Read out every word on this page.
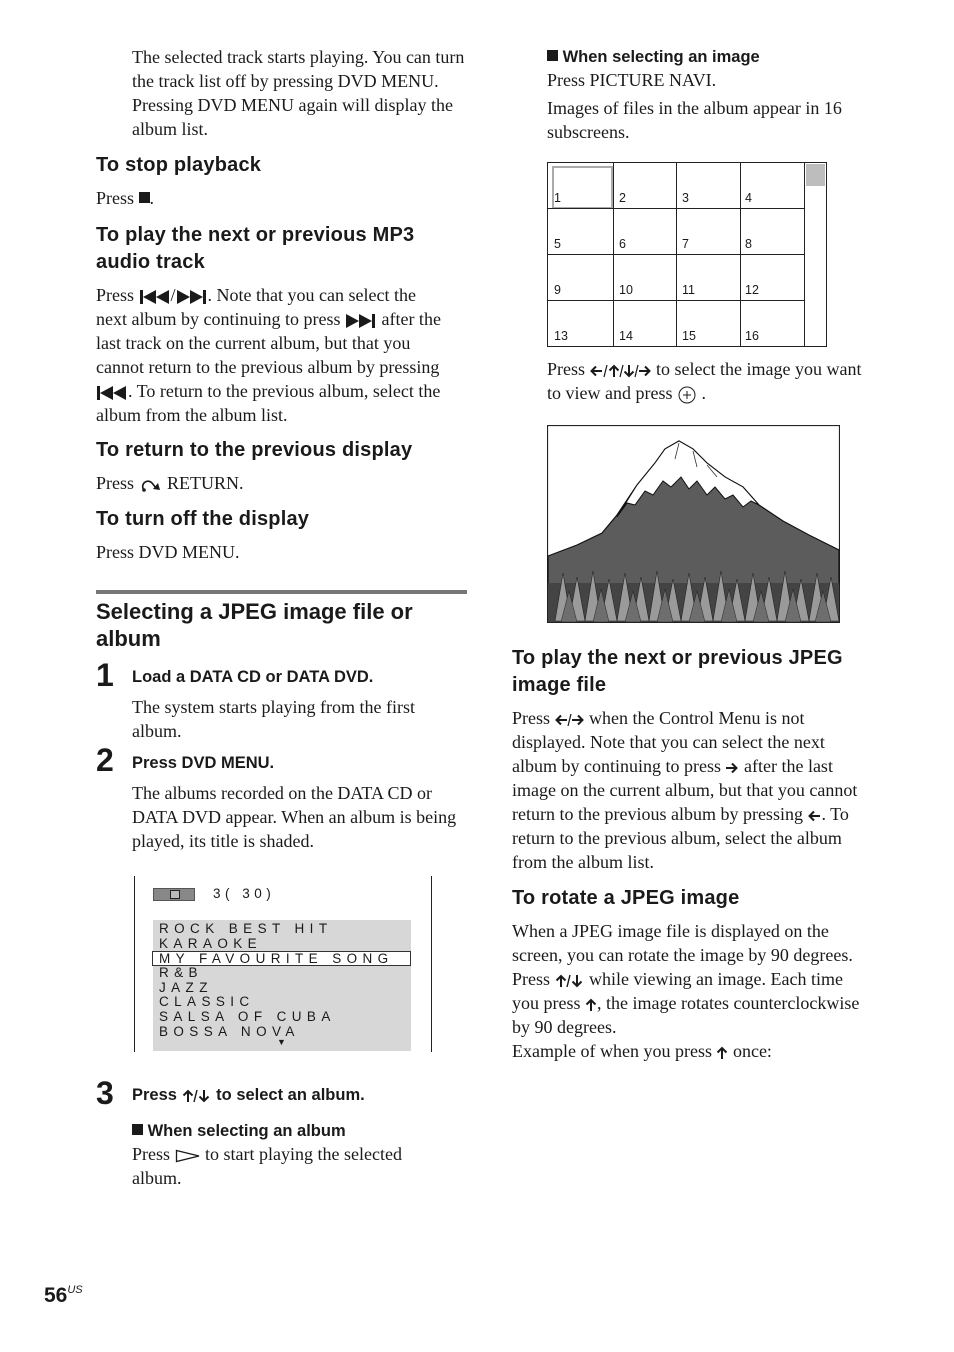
The selected track starts playing. You can turn the track list off by pressing DVD MENU. Pressing DVD MENU again will display the album list.

To stop playback

Press .

To play the next or previous MP3
audio track

Press / . Note that you can select the

next album by continuing to press after the

last track on the current album, but that you

cannot return to the previous album by pressing

. To return to the previous album, select the

album from the album list.

To return to the previous display

Press RETURN.

To turn off the display

Press DVD MENU.

Selecting a JPEG image file or
album
1 Load a DATA CD or DATA DVD.

The system starts playing from the first
album.

2 Press DVD MENU.

The albums recorded on the DATA CD or DATA DVD appear. When an album is being played, its title is shaded.

3( 30)
ROCK BEST HIT
KARAOKE
MY FAVOURITE SONG
R&B
JAZZ
CLASSIC
SALSA OF CUBA
BOSSA NOVA
▼
3 Press to select an album.
When selecting an album

Press to start playing the selected
album.

$56^{US}$
When selecting an image

Press PICTURE NAVI.
Images of files in the album appear in 16
subscreens.

1	2	3	4
5	6	7	8
9	10	11	12
13	14	15	16

Press	to select the image you want
to view and press .

To play the next or previous JPEG
image file

Press when the Control Menu is not

displayed. Note that you can select the next

album by continuing to press after the last

image on the current album, but that you cannot

return to the previous album by pressing . To

return to the previous album, select the album

from the album list.

To rotate a JPEG image

When a JPEG image file is displayed on the

screen, you can rotate the image by 90 degrees.

Press while viewing an image. Each time

you press , the image rotates counterclockwise

by 90 degrees.

Example of when you press once:
